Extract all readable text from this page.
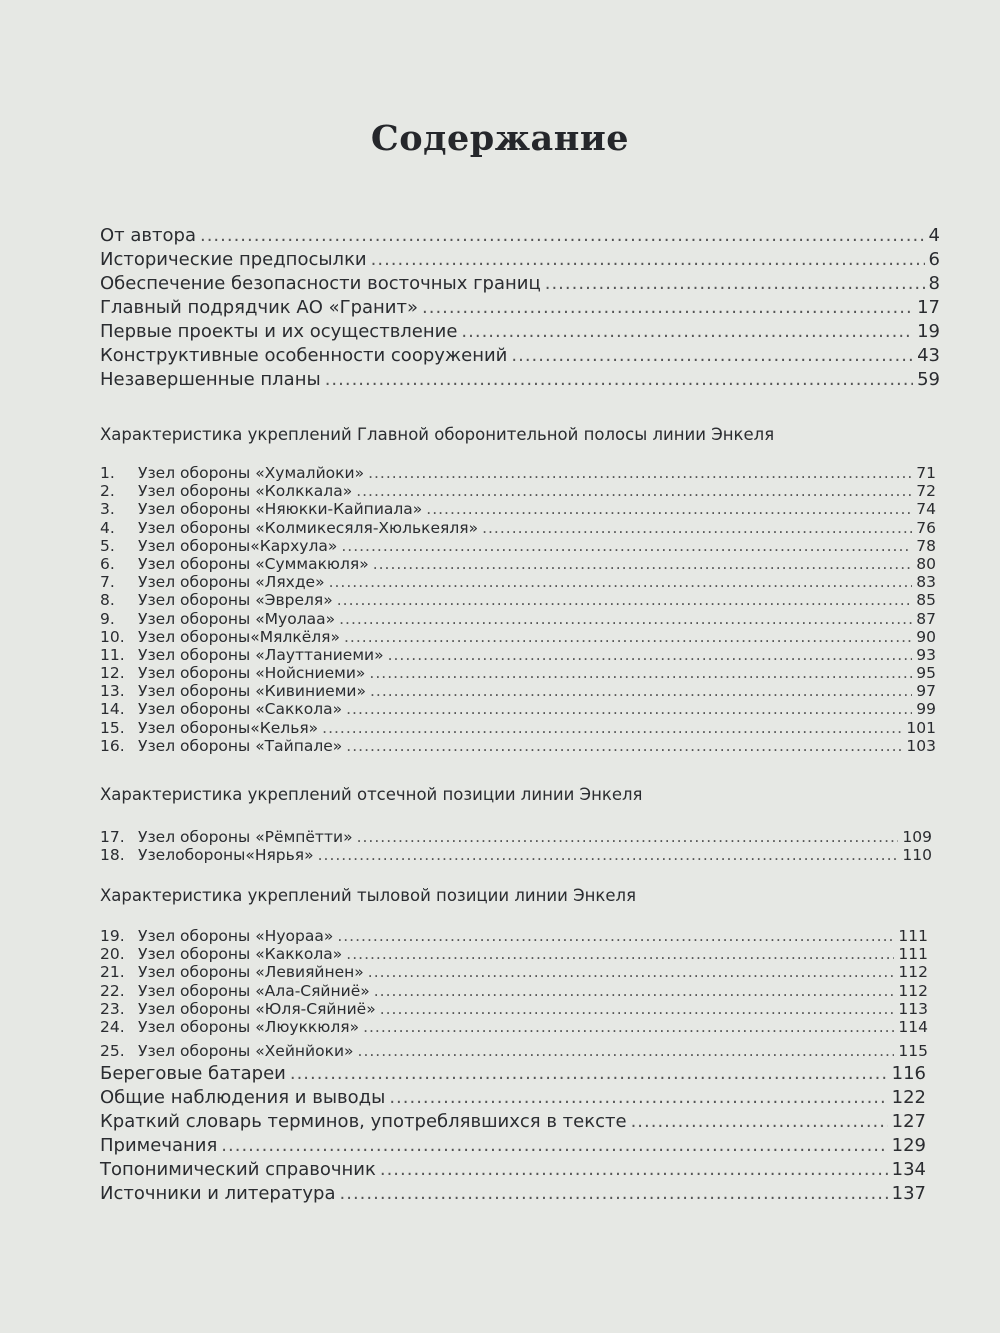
Содержание
От автора .....	4
Исторические предпосылки .....	6
Обеспечение безопасности восточных границ .....	8
Главный подрядчик АО «Гранит» .....	17
Первые проекты и их осуществление .....	19
Конструктивные особенности сооружений .....	43
Незавершенные планы .....	59
Характеристика укреплений Главной оборонительной полосы линии Энкеля
1. Узел обороны «Хумалйоки» .....	71
2. Узел обороны «Колккала» .....	72
3. Узел обороны «Няюкки-Кайпиала» .....	74
4. Узел обороны «Колмикесяля-Хюлькеяля» .....	76
5. Узел обороны«Кархула» .....	78
6. Узел обороны «Суммакюля» .....	80
7. Узел обороны «Ляхде» .....	83
8. Узел обороны «Эвреля» .....	85
9. Узел обороны «Муолаа» .....	87
10. Узел обороны«Мялкёля» .....	90
11. Узел обороны «Лауттаниеми» .....	93
12. Узел обороны «Нойсниеми» .....	95
13. Узел обороны «Кивиниеми» .....	97
14. Узел обороны «Саккола» .....	99
15. Узел обороны«Келья» .....	101
16. Узел обороны «Тайпале» .....	103
Характеристика укреплений отсечной позиции линии Энкеля
17. Узел обороны «Рёмпётти» .....	109
18. Узелобороны«Нярья» .....	110
Характеристика укреплений тыловой позиции линии Энкеля
19. Узел обороны «Нуораа» .....	111
20. Узел обороны «Каккола» .....	111
21. Узел обороны «Левияйнен» .....	112
22. Узел обороны «Ала-Сяйниё» .....	112
23. Узел обороны «Юля-Сяйниё» .....	113
24. Узел обороны «Люуккюля» .....	114
25. Узел обороны «Хейнйоки» .....	115
Береговые батареи .....	116
Общие наблюдения и выводы .....	122
Краткий словарь терминов, употреблявшихся в тексте .....	127
Примечания .....	129
Топонимический справочник .....	134
Источники и литература .....	137
